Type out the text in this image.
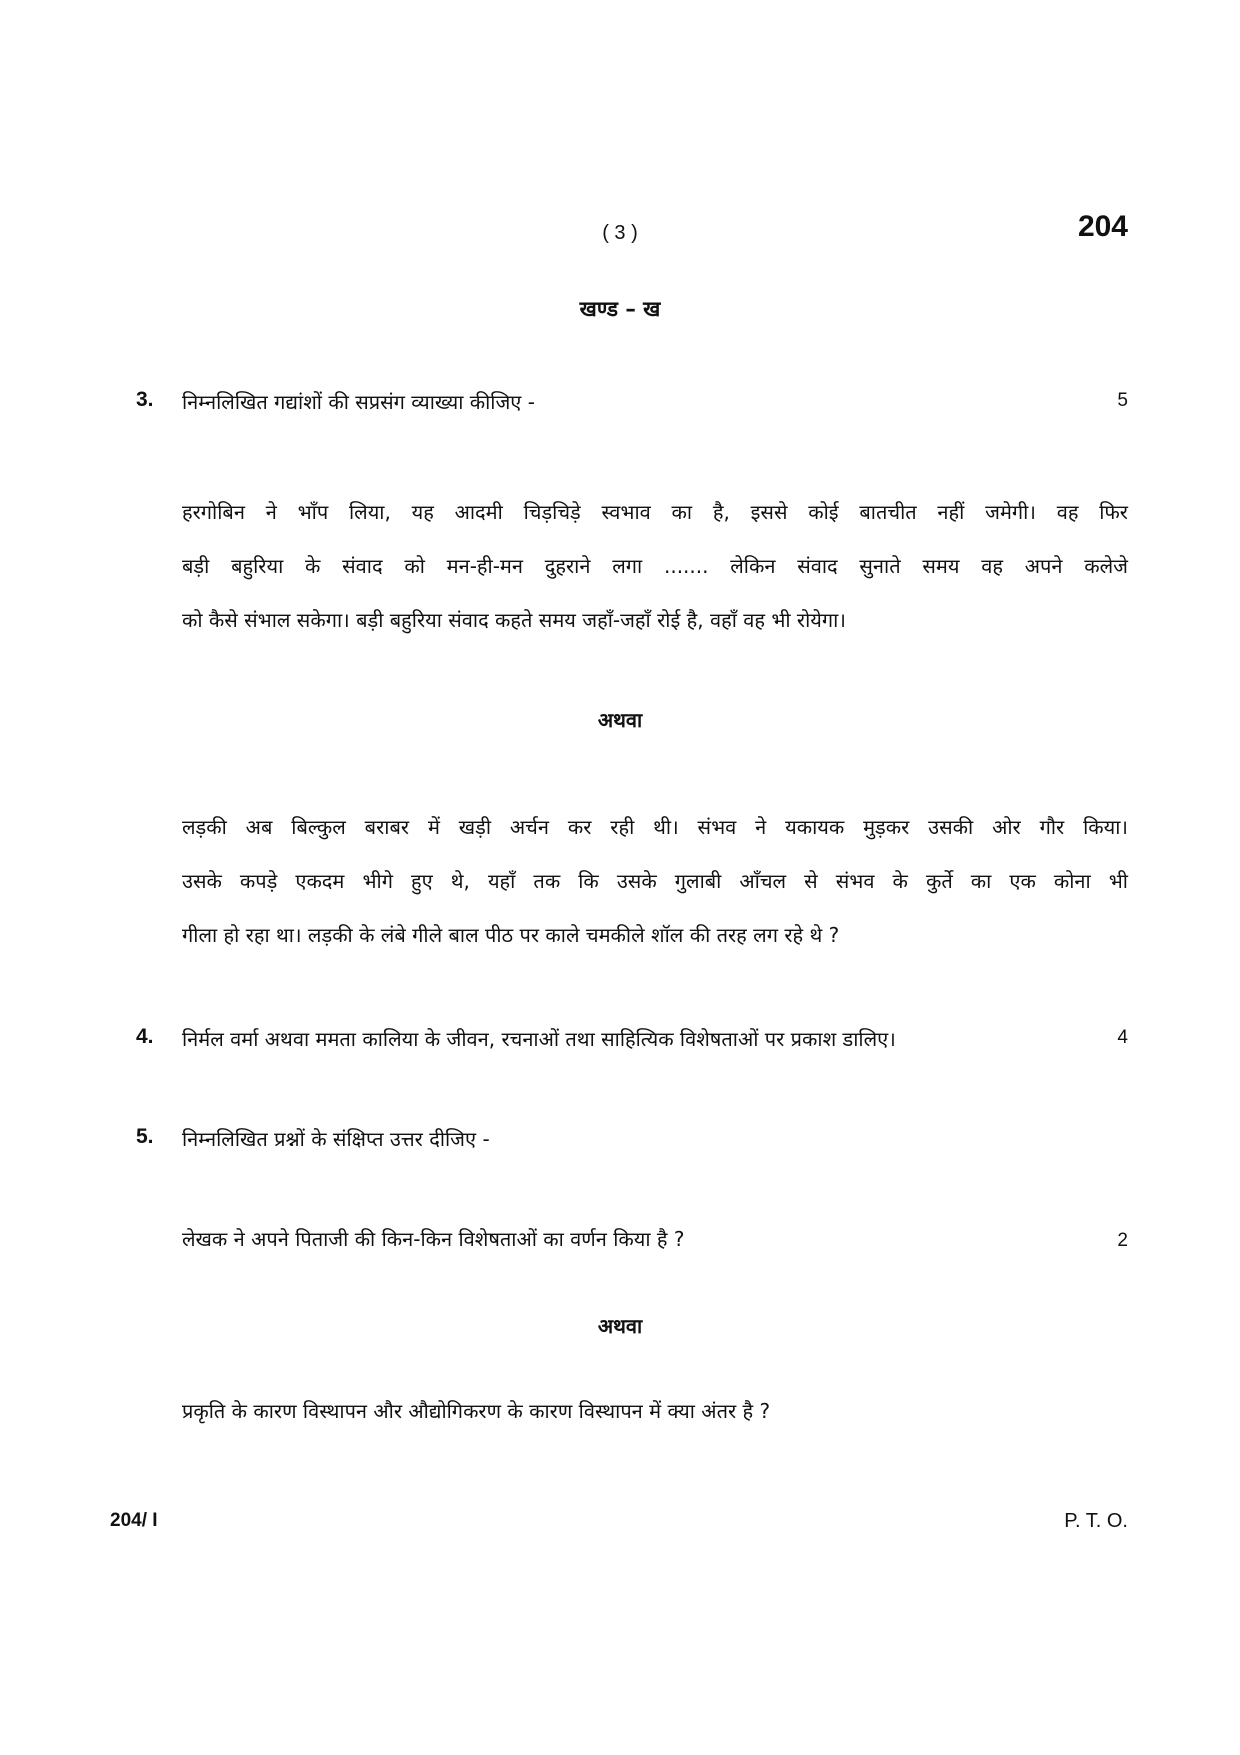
( 3 )	204
खण्ड – ख
3. निम्नलिखित गद्यांशों की सप्रसंग व्याख्या कीजिए -	5
हरगोबिन ने भाँप लिया, यह आदमी चिड़चिड़े स्वभाव का है, इससे कोई बातचीत नहीं जमेगी। वह फिर
बड़ी बहुरिया के संवाद को मन-ही-मन दुहराने लगा ....... लेकिन संवाद सुनाते समय वह अपने कलेजे
को कैसे संभाल सकेगा। बड़ी बहुरिया संवाद कहते समय जहाँ-जहाँ रोई है, वहाँ वह भी रोयेगा।
अथवा
लड़की अब बिल्कुल बराबर में खड़ी अर्चन कर रही थी। संभव ने यकायक मुड़कर उसकी ओर गौर किया।
उसके कपड़े एकदम भीगे हुए थे, यहाँ तक कि उसके गुलाबी आँचल से संभव के कुर्ते का एक कोना भी
गीला हो रहा था। लड़की के लंबे गीले बाल पीठ पर काले चमकीले शॉल की तरह लग रहे थे ?
4. निर्मल वर्मा अथवा ममता कालिया के जीवन, रचनाओं तथा साहित्यिक विशेषताओं पर प्रकाश डालिए।	4
5. निम्नलिखित प्रश्नों के संक्षिप्त उत्तर दीजिए -
लेखक ने अपने पिताजी की किन-किन विशेषताओं का वर्णन किया है ?	2
अथवा
प्रकृति के कारण विस्थापन और औद्योगिकरण के कारण विस्थापन में क्या अंतर है ?
204/ I	P. T. O.
